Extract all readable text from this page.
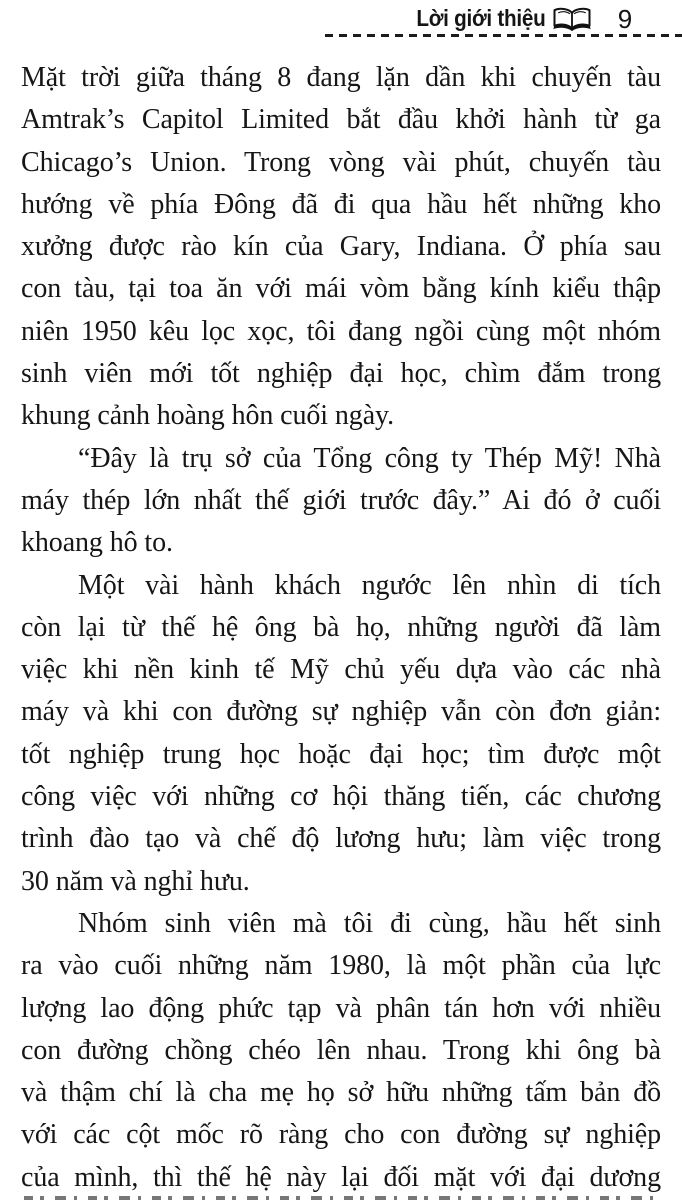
Lời giới thiệu	9
Mặt trời giữa tháng 8 đang lặn dần khi chuyến tàu
Amtrak’s Capitol Limited bắt đầu khởi hành từ ga
Chicago’s Union. Trong vòng vài phút, chuyến tàu
hướng về phía Đông đã đi qua hầu hết những kho
xưởng được rào kín của Gary, Indiana. Ở phía sau
con tàu, tại toa ăn với mái vòm bằng kính kiểu thập
niên 1950 kêu lọc xọc, tôi đang ngồi cùng một nhóm
sinh viên mới tốt nghiệp đại học, chìm đắm trong
khung cảnh hoàng hôn cuối ngày.
“Đây là trụ sở của Tổng công ty Thép Mỹ! Nhà
máy thép lớn nhất thế giới trước đây.” Ai đó ở cuối
khoang hô to.
Một vài hành khách ngước lên nhìn di tích
còn lại từ thế hệ ông bà họ, những người đã làm
việc khi nền kinh tế Mỹ chủ yếu dựa vào các nhà
máy và khi con đường sự nghiệp vẫn còn đơn giản:
tốt nghiệp trung học hoặc đại học; tìm được một
công việc với những cơ hội thăng tiến, các chương
trình đào tạo và chế độ lương hưu; làm việc trong
30 năm và nghỉ hưu.
Nhóm sinh viên mà tôi đi cùng, hầu hết sinh
ra vào cuối những năm 1980, là một phần của lực
lượng lao động phức tạp và phân tán hơn với nhiều
con đường chồng chéo lên nhau. Trong khi ông bà
và thậm chí là cha mẹ họ sở hữu những tấm bản đồ
với các cột mốc rõ ràng cho con đường sự nghiệp
của mình, thì thế hệ này lại đối mặt với đại dương
